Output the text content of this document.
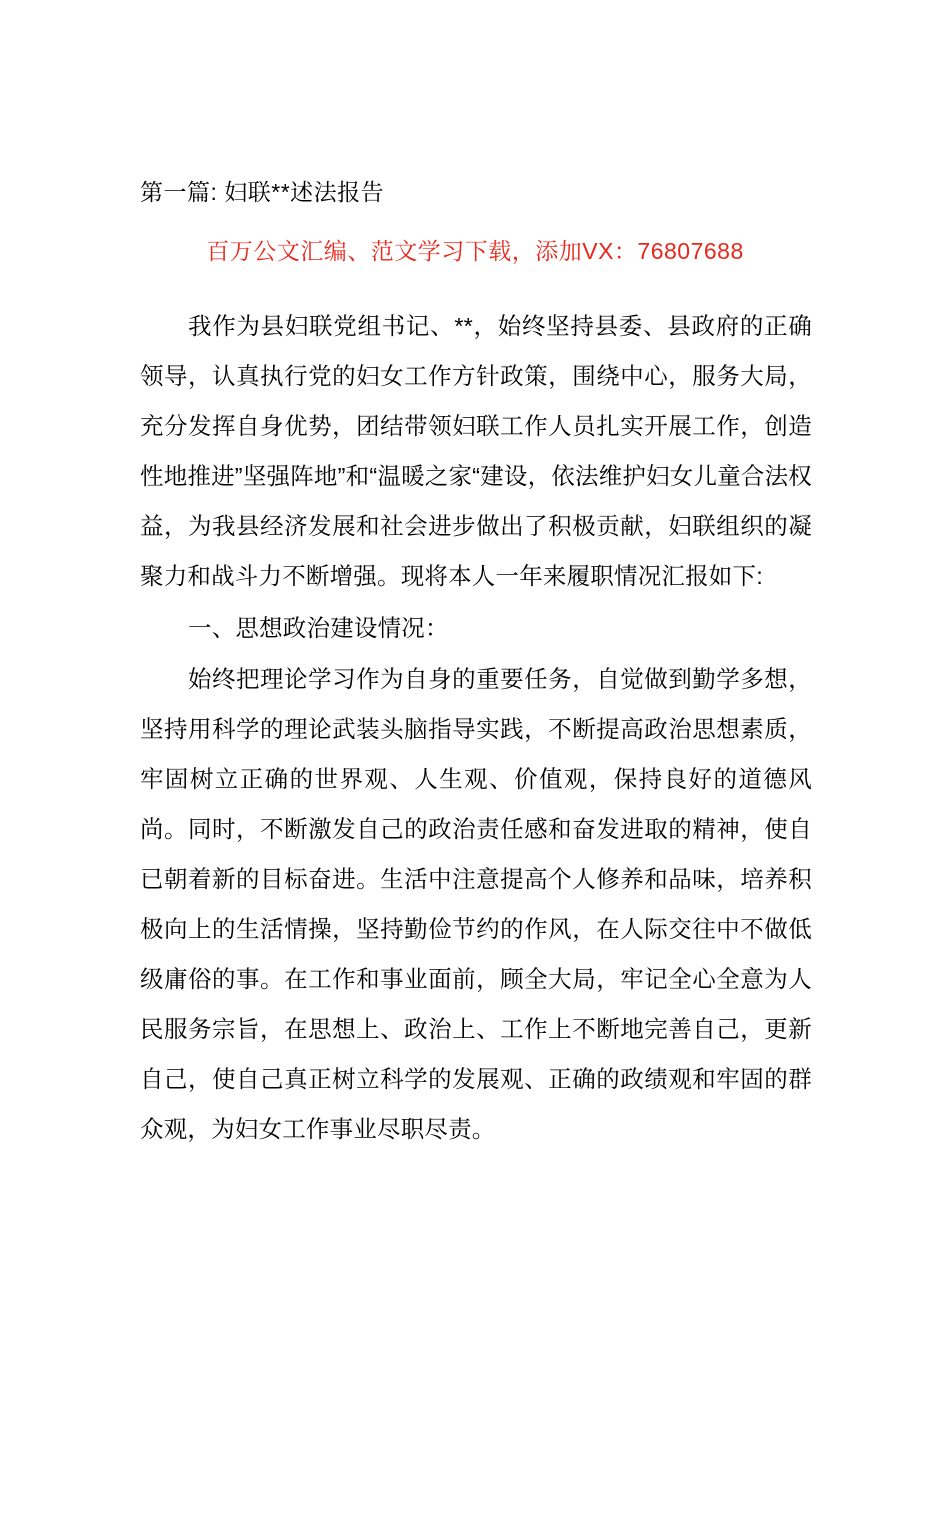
百万公文汇编、范文学习下载，添加VX：76807688
第一篇: 妇联**述法报告

我作为县妇联党组书记、**，始终坚持县委、县政府的正确领导，认真执行党的妇女工作方针政策，围绕中心，服务大局，充分发挥自身优势，团结带领妇联工作人员扎实开展工作，创造性地推进”坚强阵地”和“温暖之家“建设，依法维护妇女儿童合法权益，为我县经济发展和社会进步做出了积极贡献，妇联组织的凝聚力和战斗力不断增强。现将本人一年来履职情况汇报如下:

一、思想政治建设情况：

始终把理论学习作为自身的重要任务，自觉做到勤学多想，坚持用科学的理论武装头脑指导实践，不断提高政治思想素质，牢固树立正确的世界观、人生观、价值观，保持良好的道德风尚。同时，不断激发自己的政治责任感和奋发进取的精神，使自已朝着新的目标奋进。生活中注意提高个人修养和品味，培养积极向上的生活情操，坚持勤俭节约的作风，在人际交往中不做低级庸俗的事。在工作和事业面前，顾全大局，牢记全心全意为人民服务宗旨，在思想上、政治上、工作上不断地完善自己，更新自己，使自己真正树立科学的发展观、正确的政绩观和牢固的群众观，为妇女工作事业尽职尽责。
